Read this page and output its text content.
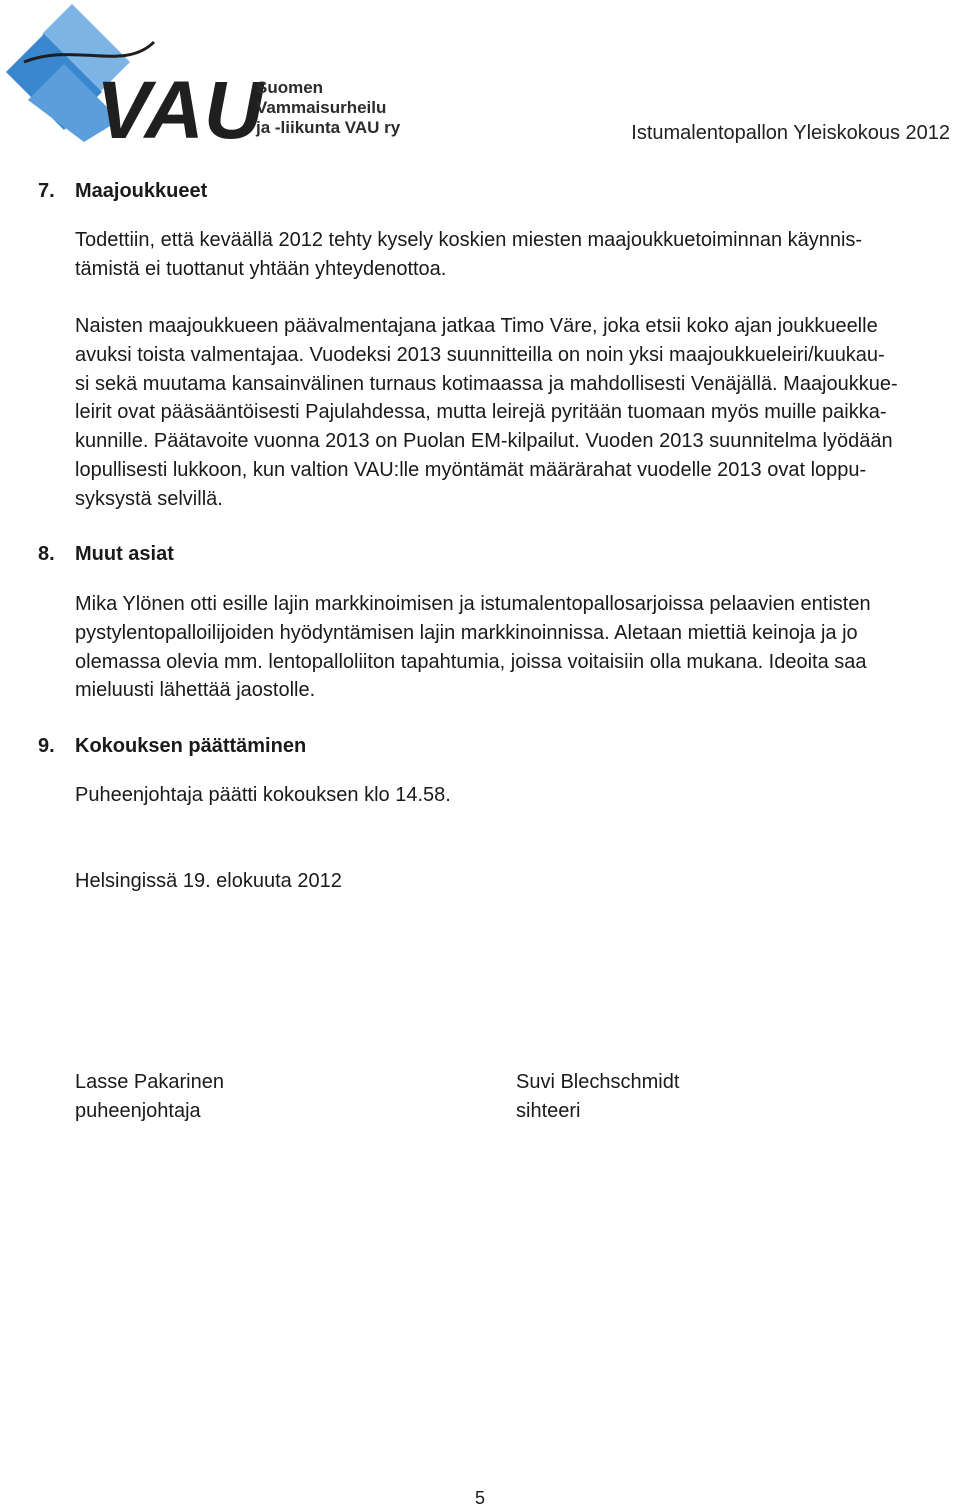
VAU
Suomen
Vammaisurheilu
ja -liikunta VAU ry	Istumalentopallon Yleiskokous 2012
7. Maajoukkueet
Todettiin, että keväällä 2012 tehty kysely koskien miesten maajoukkuetoiminnan käynnis-
tämistä ei tuottanut yhtään yhteydenottoa.
Naisten maajoukkueen päävalmentajana jatkaa Timo Väre, joka etsii koko ajan joukkueelle
avuksi toista valmentajaa. Vuodeksi 2013 suunnitteilla on noin yksi maajoukkueleiri/kuukau-
si sekä muutama kansainvälinen turnaus kotimaassa ja mahdollisesti Venäjällä. Maajoukkue-
leirit ovat pääsääntöisesti Pajulahdessa, mutta leirejä pyritään tuomaan myös muille paikka-
kunnille. Päätavoite vuonna 2013 on Puolan EM-kilpailut. Vuoden 2013 suunnitelma lyödään
lopullisesti lukkoon, kun valtion VAU:lle myöntämät määrärahat vuodelle 2013 ovat loppu-
syksystä selvillä.
8. Muut asiat
Mika Ylönen otti esille lajin markkinoimisen ja istumalentopallosarjoissa pelaavien entisten
pystylentopalloilijoiden hyödyntämisen lajin markkinoinnissa. Aletaan miettiä keinoja ja jo
olemassa olevia mm. lentopalloliiton tapahtumia, joissa voitaisiin olla mukana. Ideoita saa
mieluusti lähettää jaostolle.
9. Kokouksen päättäminen
Puheenjohtaja päätti kokouksen klo 14.58.
Helsingissä 19. elokuuta 2012
Lasse Pakarinen
puheenjohtaja
Suvi Blechschmidt
sihteeri
5
